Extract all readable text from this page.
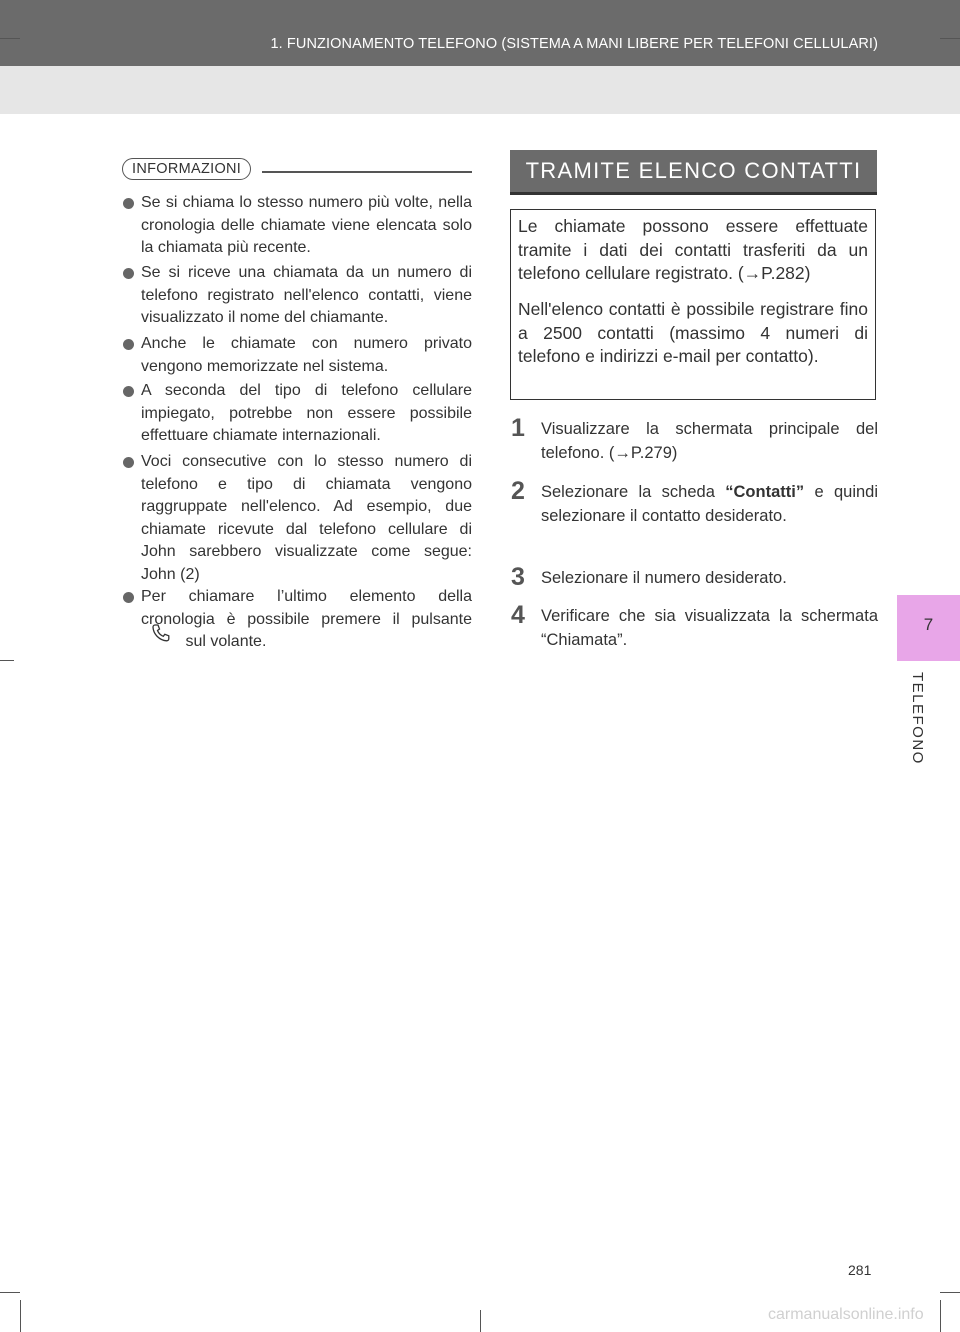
1. FUNZIONAMENTO TELEFONO (SISTEMA A MANI LIBERE PER TELEFONI CELLULARI)
7
TELEFONO
INFORMAZIONI
Se si chiama lo stesso numero più volte, nella cronologia delle chiamate viene elencata solo la chiamata più recente.
Se si riceve una chiamata da un numero di telefono registrato nell'elenco contatti, viene visualizzato il nome del chiamante.
Anche le chiamate con numero privato vengono memorizzate nel sistema.
A seconda del tipo di telefono cellulare impiegato, potrebbe non essere possibile effettuare chiamate internazionali.
Voci consecutive con lo stesso numero di telefono e tipo di chiamata vengono raggruppate nell'elenco. Ad esempio, due chiamate ricevute dal telefono cellulare di John sarebbero visualizzate come segue: John (2)
Per chiamare l’ultimo elemento della cronologia è possibile premere il pulsante  sul volante.
TRAMITE ELENCO CONTATTI
Le chiamate possono essere effettuate tramite i dati dei contatti trasferiti da un telefono cellulare registrato. (→P.282)
Nell'elenco contatti è possibile registrare fino a 2500 contatti (massimo 4 numeri di telefono e indirizzi e-mail per contatto).
1 Visualizzare la schermata principale del telefono. (→P.279)
2 Selezionare la scheda “Contatti” e quindi selezionare il contatto desiderato.
3 Selezionare il numero desiderato.
4 Verificare che sia visualizzata la schermata “Chiamata”.
281
carmanualsonline.info
